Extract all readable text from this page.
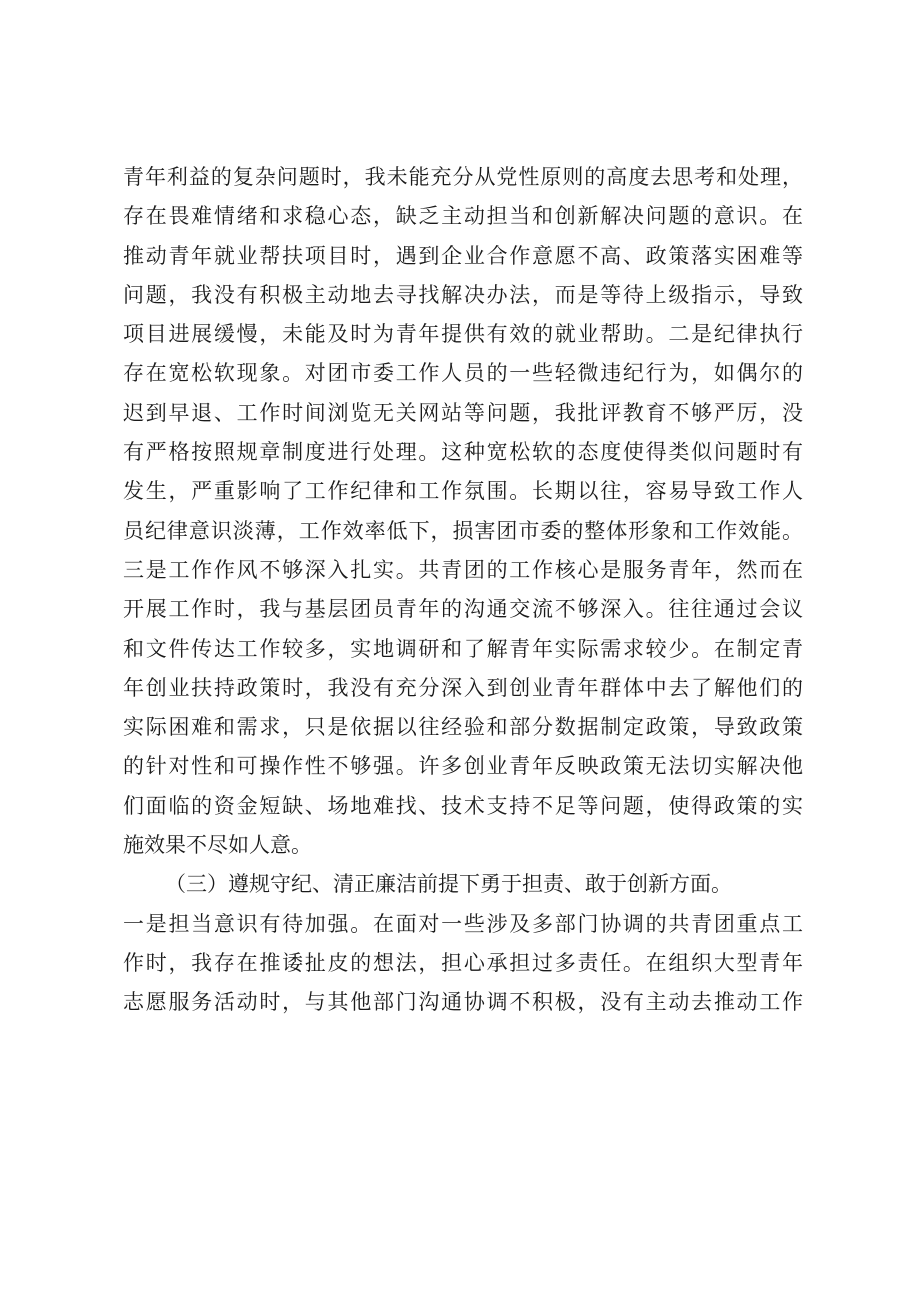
青年利益的复杂问题时，我未能充分从党性原则的高度去思考和处理，
存在畏难情绪和求稳心态，缺乏主动担当和创新解决问题的意识。在
推动青年就业帮扶项目时，遇到企业合作意愿不高、政策落实困难等
问题，我没有积极主动地去寻找解决办法，而是等待上级指示，导致
项目进展缓慢，未能及时为青年提供有效的就业帮助。二是纪律执行
存在宽松软现象。对团市委工作人员的一些轻微违纪行为，如偶尔的
迟到早退、工作时间浏览无关网站等问题，我批评教育不够严厉，没
有严格按照规章制度进行处理。这种宽松软的态度使得类似问题时有
发生，严重影响了工作纪律和工作氛围。长期以往，容易导致工作人
员纪律意识淡薄，工作效率低下，损害团市委的整体形象和工作效能。
三是工作作风不够深入扎实。共青团的工作核心是服务青年，然而在
开展工作时，我与基层团员青年的沟通交流不够深入。往往通过会议
和文件传达工作较多，实地调研和了解青年实际需求较少。在制定青
年创业扶持政策时，我没有充分深入到创业青年群体中去了解他们的
实际困难和需求，只是依据以往经验和部分数据制定政策，导致政策
的针对性和可操作性不够强。许多创业青年反映政策无法切实解决他
们面临的资金短缺、场地难找、技术支持不足等问题，使得政策的实
施效果不尽如人意。
（三）遵规守纪、清正廉洁前提下勇于担责、敢于创新方面。
一是担当意识有待加强。在面对一些涉及多部门协调的共青团重点工
作时，我存在推诿扯皮的想法，担心承担过多责任。在组织大型青年
志愿服务活动时，与其他部门沟通协调不积极，没有主动去推动工作
